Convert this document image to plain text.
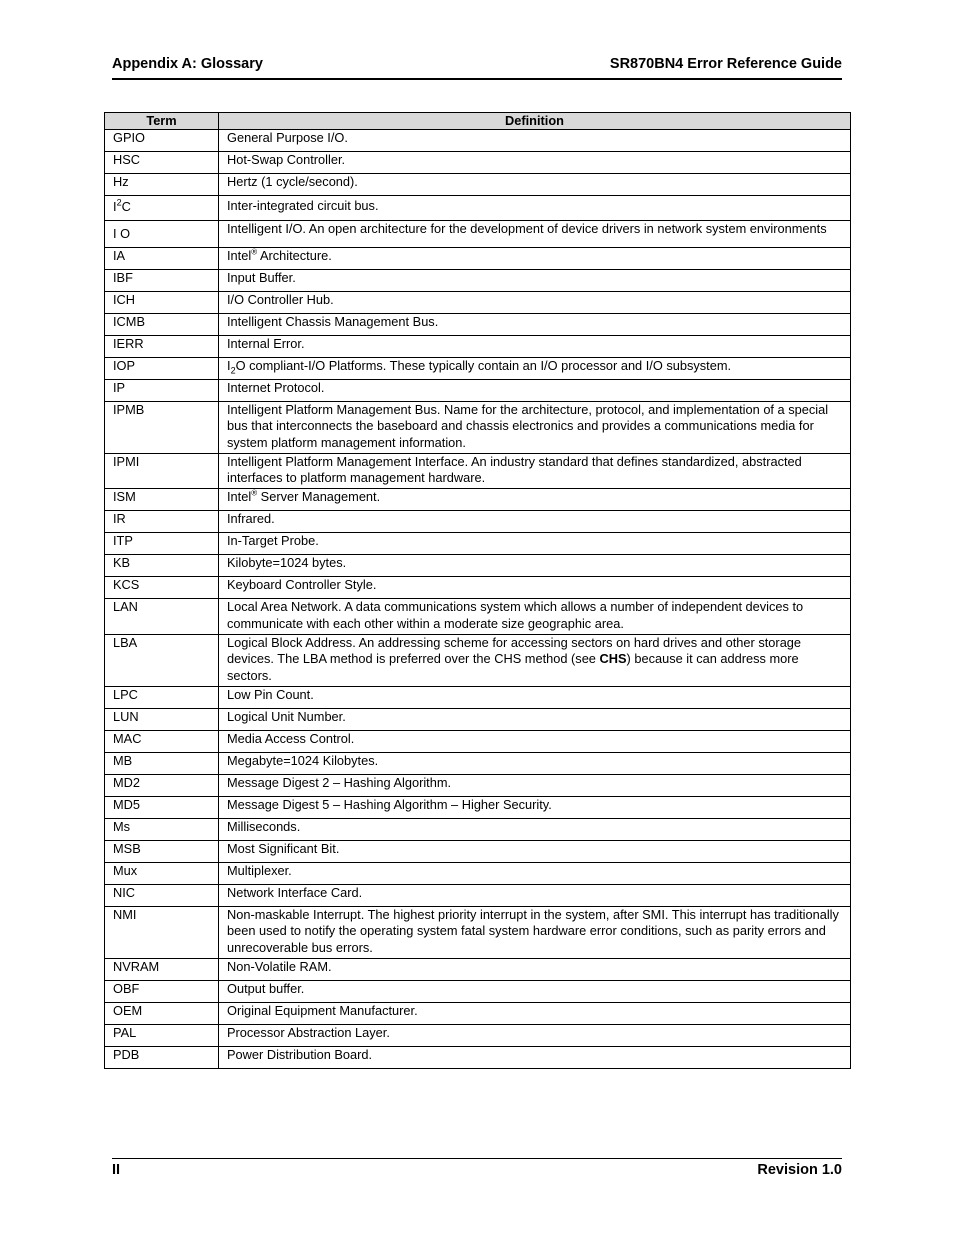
Appendix A: Glossary	SR870BN4 Error Reference Guide
Term	Definition
GPIO	General Purpose I/O.
HSC	Hot-Swap Controller.
Hz	Hertz (1 cycle/second).
$I^2C$	Inter-integrated circuit bus.
I O	Intelligent I/O. An open architecture for the development of device drivers in network system environments
IA	Intel® Architecture.
IBF	Input Buffer.
ICH	I/O Controller Hub.
ICMB	Intelligent Chassis Management Bus.
IERR	Internal Error.
IOP	$I_2O$ compliant-I/O Platforms. These typically contain an I/O processor and I/O subsystem.
IP	Internet Protocol.
IPMB	Intelligent Platform Management Bus. Name for the architecture, protocol, and implementation of a special bus that interconnects the baseboard and chassis electronics and provides a communications media for system platform management information.
IPMI	Intelligent Platform Management Interface. An industry standard that defines standardized, abstracted interfaces to platform management hardware.
ISM	Intel® Server Management.
IR	Infrared.
ITP	In-Target Probe.
KB	Kilobyte=1024 bytes.
KCS	Keyboard Controller Style.
LAN	Local Area Network. A data communications system which allows a number of independent devices to communicate with each other within a moderate size geographic area.
LBA	Logical Block Address. An addressing scheme for accessing sectors on hard drives and other storage devices. The LBA method is preferred over the CHS method (see CHS) because it can address more sectors.
LPC	Low Pin Count.
LUN	Logical Unit Number.
MAC	Media Access Control.
MB	Megabyte=1024 Kilobytes.
MD2	Message Digest 2 – Hashing Algorithm.
MD5	Message Digest 5 – Hashing Algorithm – Higher Security.
Ms	Milliseconds.
MSB	Most Significant Bit.
Mux	Multiplexer.
NIC	Network Interface Card.
NMI	Non-maskable Interrupt. The highest priority interrupt in the system, after SMI. This interrupt has traditionally been used to notify the operating system fatal system hardware error conditions, such as parity errors and unrecoverable bus errors.
NVRAM	Non-Volatile RAM.
OBF	Output buffer.
OEM	Original Equipment Manufacturer.
PAL	Processor Abstraction Layer.
PDB	Power Distribution Board.
II	Revision 1.0
